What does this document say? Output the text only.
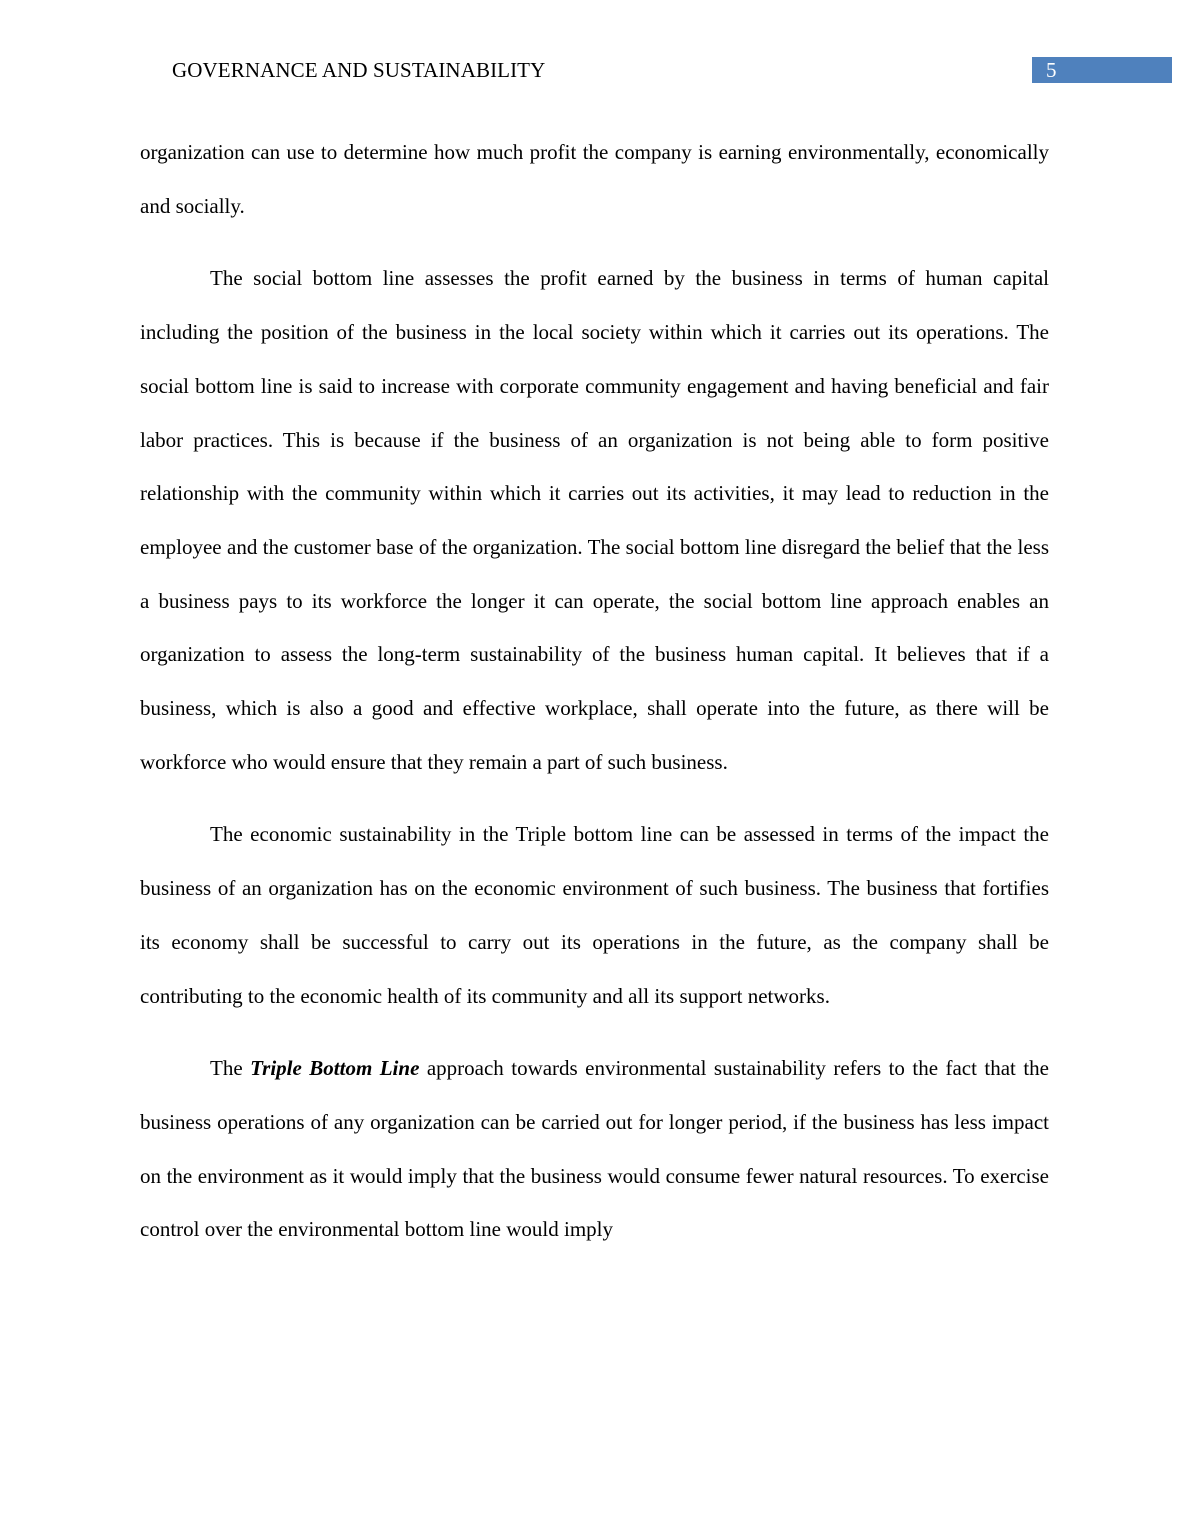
GOVERNANCE AND SUSTAINABILITY	5

organization can use to determine how much profit the company is earning environmentally, economically and socially.

The social bottom line assesses the profit earned by the business in terms of human capital including the position of the business in the local society within which it carries out its operations. The social bottom line is said to increase with corporate community engagement and having beneficial and fair labor practices. This is because if the business of an organization is not being able to form positive relationship with the community within which it carries out its activities, it may lead to reduction in the employee and the customer base of the organization. The social bottom line disregard the belief that the less a business pays to its workforce the longer it can operate, the social bottom line approach enables an organization to assess the long-term sustainability of the business human capital. It believes that if a business, which is also a good and effective workplace, shall operate into the future, as there will be workforce who would ensure that they remain a part of such business.

The economic sustainability in the Triple bottom line can be assessed in terms of the impact the business of an organization has on the economic environment of such business. The business that fortifies its economy shall be successful to carry out its operations in the future, as the company shall be contributing to the economic health of its community and all its support networks.

The Triple Bottom Line approach towards environmental sustainability refers to the fact that the business operations of any organization can be carried out for longer period, if the business has less impact on the environment as it would imply that the business would consume fewer natural resources. To exercise control over the environmental bottom line would imply
